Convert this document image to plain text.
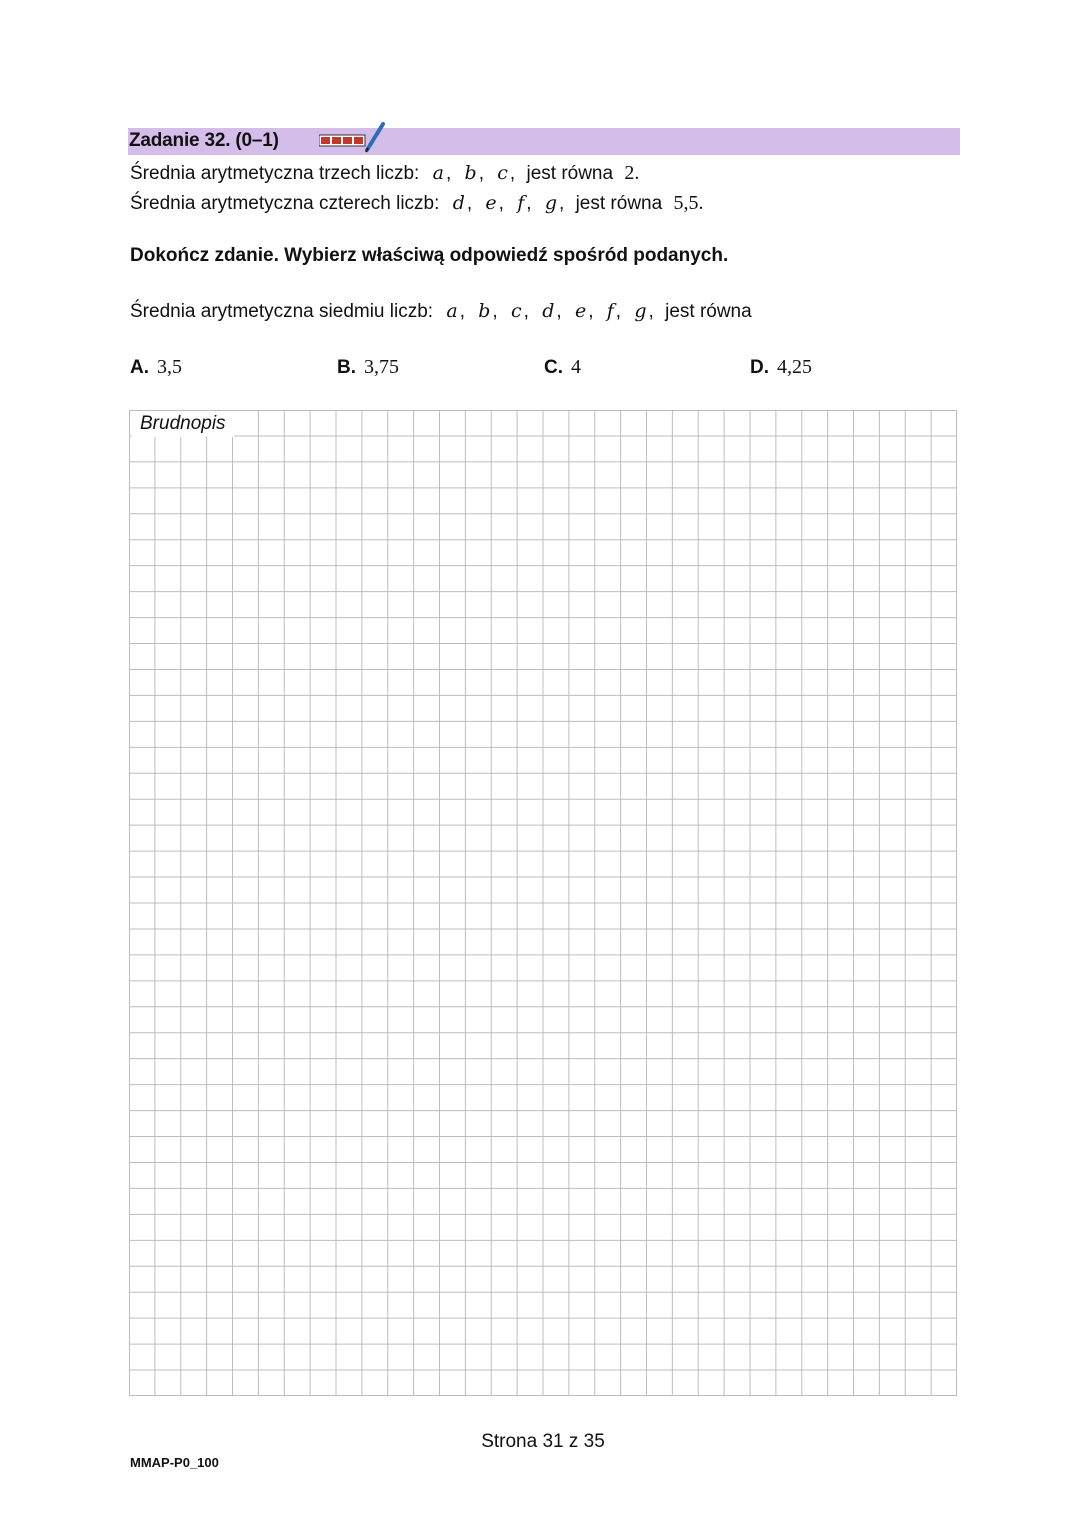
Zadanie 32. (0–1)
Średnia arytmetyczna trzech liczb: a , b , c , jest równa 2.
Średnia arytmetyczna czterech liczb: d , e , f , g , jest równa 5,5.
Dokończ zdanie. Wybierz właściwą odpowiedź spośród podanych.
Średnia arytmetyczna siedmiu liczb: a , b , c , d , e , f , g , jest równa
A. 3,5	B. 3,75	C. 4	D. 4,25
Brudnopis
Strona 31 z 35
MMAP-P0_100
